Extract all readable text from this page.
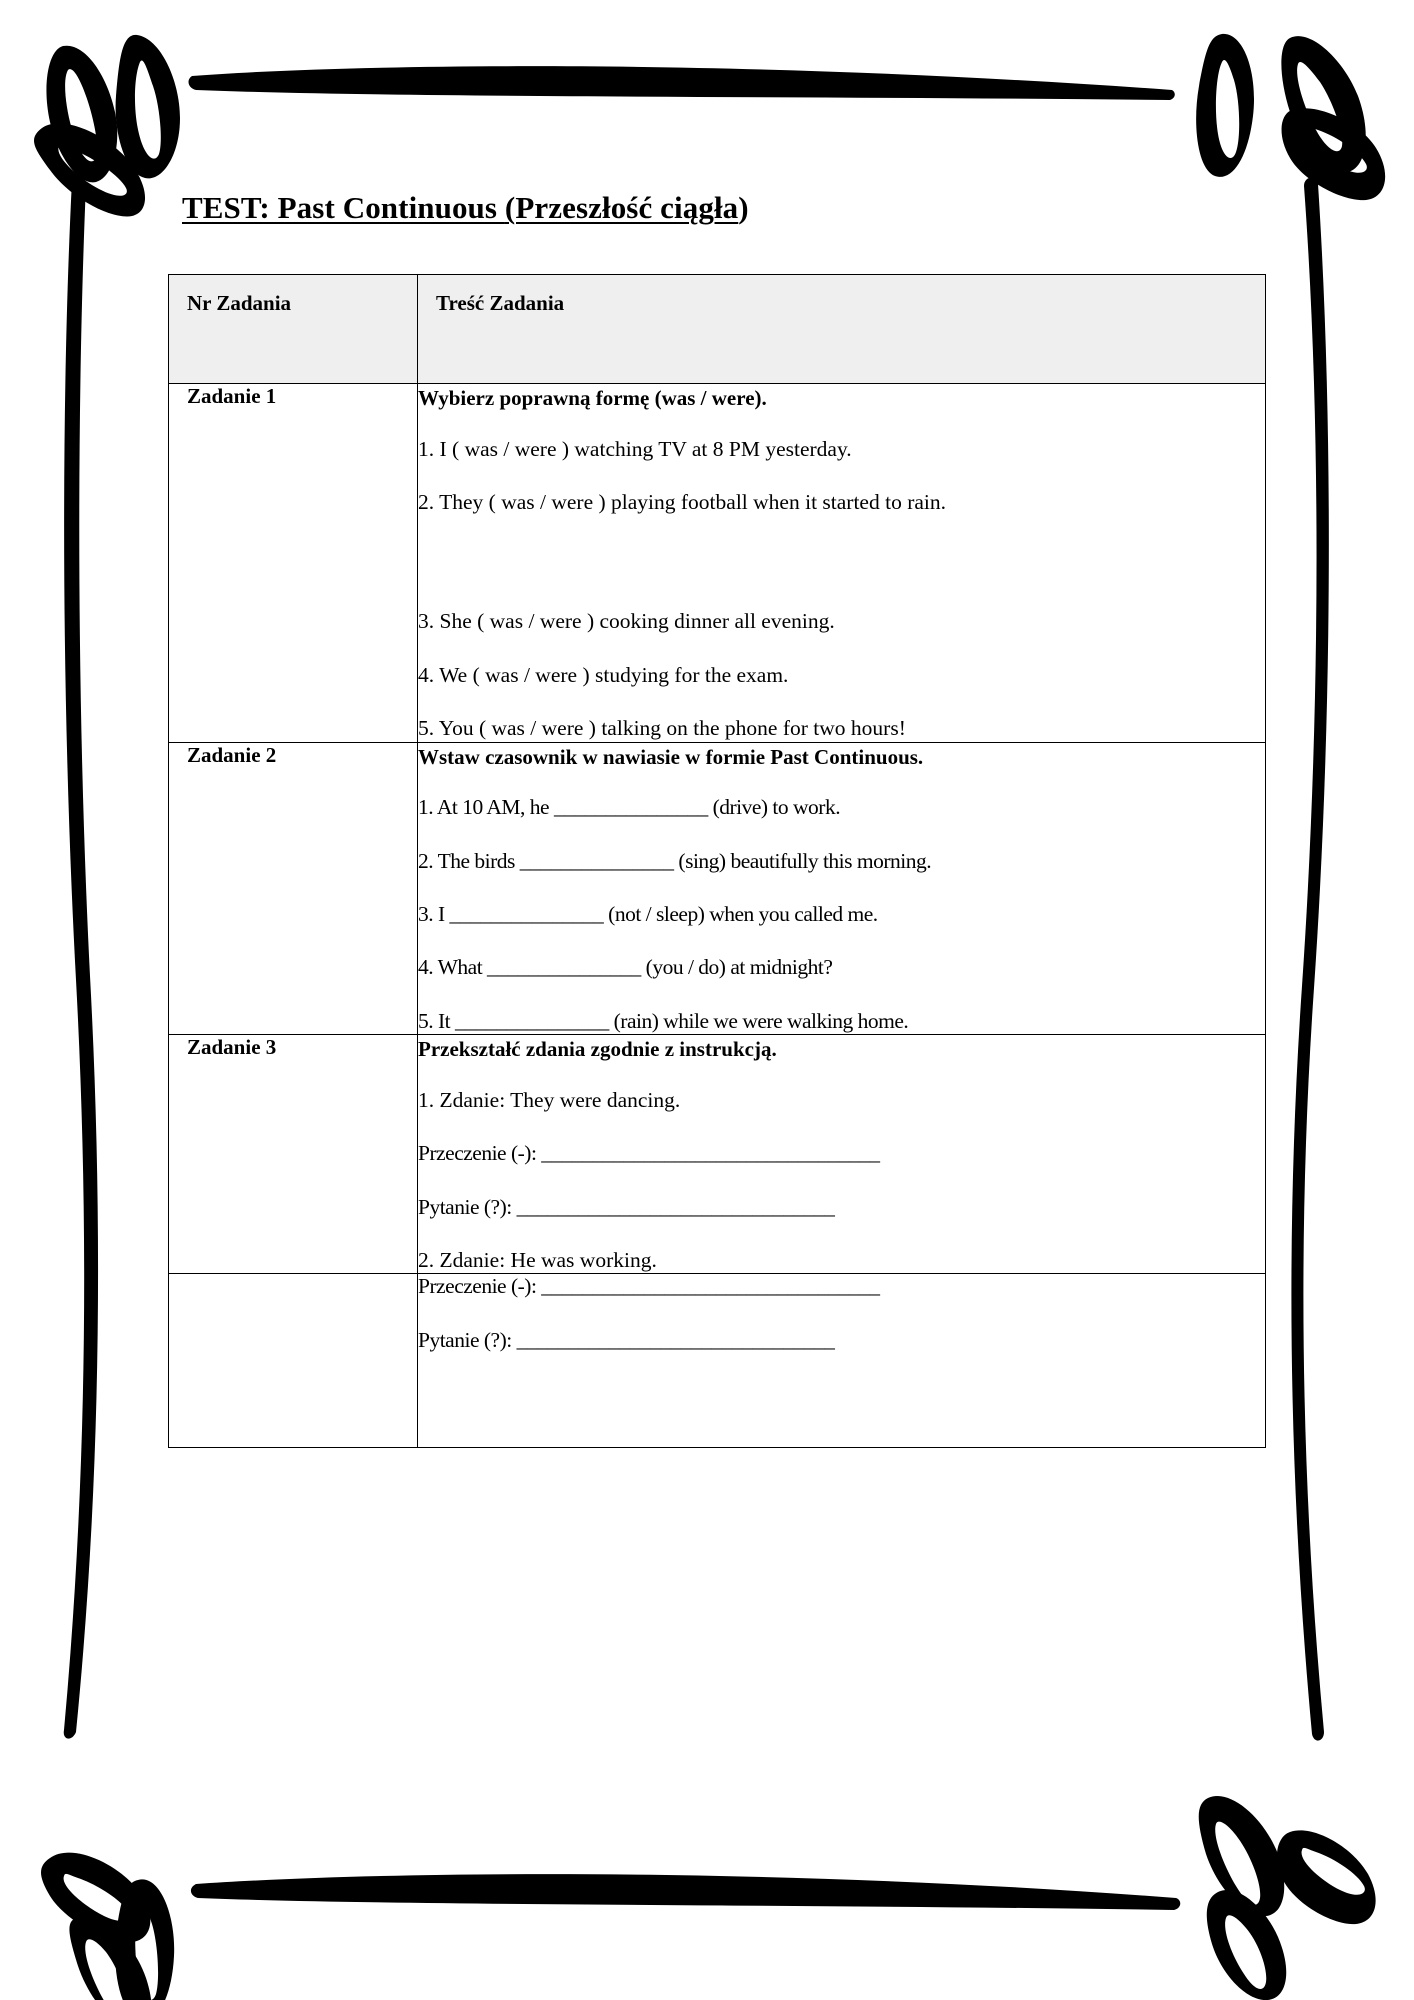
TEST: Past Continuous (Przeszłość ciągła)
Nr Zadania	Treść Zadania

Zadanie 1	Wybierz poprawną formę (was / were).
1. I ( was / were ) watching TV at 8 PM yesterday.
2. They ( was / were ) playing football when it started to rain.
3. She ( was / were ) cooking dinner all evening.
4. We ( was / were ) studying for the exam.
5. You ( was / were ) talking on the phone for two hours!

Zadanie 2	Wstaw czasownik w nawiasie w formie Past Continuous.
1. At 10 AM, he _______________ (drive) to work.
2. The birds _______________ (sing) beautifully this morning.
3. I _______________ (not / sleep) when you called me.
4. What _______________ (you / do) at midnight?
5. It _______________ (rain) while we were walking home.

Zadanie 3	Przekształć zdania zgodnie z instrukcją.
1. Zdanie: They were dancing.
Przeczenie (-): _________________________________
Pytanie (?): _______________________________
2. Zdanie: He was working.

	Przeczenie (-): _________________________________
Pytanie (?): _______________________________
